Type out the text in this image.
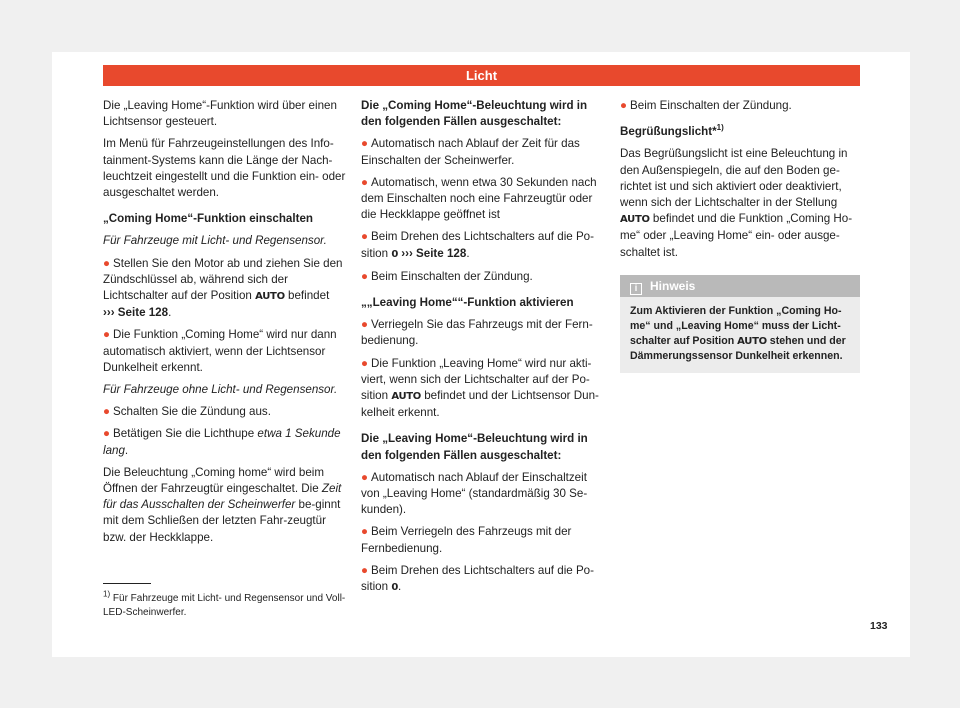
Licht

Die „Leaving Home“-Funktion wird über einen Lichtsensor gesteuert.

Im Menü für Fahrzeugeinstellungen des Info-tainment-Systems kann die Länge der Nach-leuchtzeit eingestellt und die Funktion ein- oder ausgeschaltet werden.

„Coming Home“-Funktion einschalten

Für Fahrzeuge mit Licht- und Regensensor.

● Stellen Sie den Motor ab und ziehen Sie den Zündschlüssel ab, während sich der Lichtschalter auf der Position AUTO befindet
››› Seite 128.

● Die Funktion „Coming Home“ wird nur dann automatisch aktiviert, wenn der Lichtsensor Dunkelheit erkennt.

Für Fahrzeuge ohne Licht- und Regensensor.

● Schalten Sie die Zündung aus.

● Betätigen Sie die Lichthupe etwa 1 Sekunde lang.

Die Beleuchtung „Coming home“ wird beim Öffnen der Fahrzeugtür eingeschaltet. Die Zeit für das Ausschalten der Scheinwerfer be-ginnt mit dem Schließen der letzten Fahr-zeugtür bzw. der Heckklappe.

Die „Coming Home“-Beleuchtung wird in den folgenden Fällen ausgeschaltet:

● Automatisch nach Ablauf der Zeit für das Einschalten der Scheinwerfer.

● Automatisch, wenn etwa 30 Sekunden nach dem Einschalten noch eine Fahrzeugtür oder die Heckklappe geöffnet ist

● Beim Drehen des Lichtschalters auf die Po-sition 0 ››› Seite 128.

● Beim Einschalten der Zündung.

„„Leaving Home““-Funktion aktivieren

● Verriegeln Sie das Fahrzeugs mit der Fern-bedienung.

● Die Funktion „Leaving Home“ wird nur akti-viert, wenn sich der Lichtschalter auf der Po-sition AUTO befindet und der Lichtsensor Dun-kelheit erkennt.

Die „Leaving Home“-Beleuchtung wird in den folgenden Fällen ausgeschaltet:

● Automatisch nach Ablauf der Einschaltzeit von „Leaving Home“ (standardmäßig 30 Se-kunden).

● Beim Verriegeln des Fahrzeugs mit der Fernbedienung.

● Beim Drehen des Lichtschalters auf die Po-sition 0.

● Beim Einschalten der Zündung.

Begrüßungslicht*$^{1)}$

Das Begrüßungslicht ist eine Beleuchtung in den Außenspiegeln, die auf den Boden ge-richtet ist und sich aktiviert oder deaktiviert, wenn sich der Lichtschalter in der Stellung AUTO befindet und die Funktion „Coming Ho-me“ oder „Leaving Home“ ein- oder ausge-schaltet ist.

i Hinweis
Zum Aktivieren der Funktion „Coming Ho-me“ und „Leaving Home“ muss der Licht-schalter auf Position AUTO stehen und der Dämmerungssensor Dunkelheit erkennen.
$^{1)}$ Für Fahrzeuge mit Licht- und Regensensor und Voll-LED-Scheinwerfer.
133
